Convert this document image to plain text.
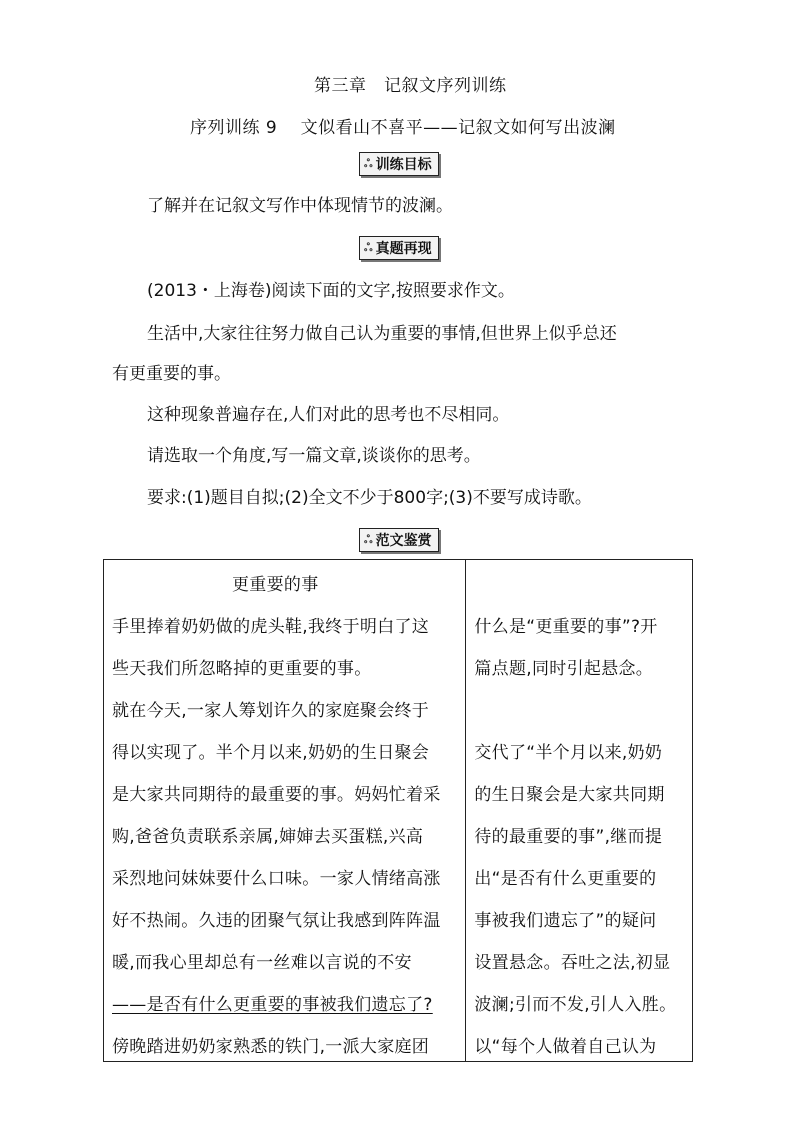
第三章　记叙文序列训练
序列训练 9　 文似看山不喜平——记叙文如何写出波澜
ஃ 训练目标
了解并在记叙文写作中体现情节的波澜。
ஃ 真题再现
(2013・上海卷)阅读下面的文字,按照要求作文。
生活中,大家往往努力做自己认为重要的事情,但世界上似乎总还
有更重要的事。
这种现象普遍存在,人们对此的思考也不尽相同。
请选取一个角度,写一篇文章,谈谈你的思考。
要求:(1)题目自拟;(2)全文不少于800字;(3)不要写成诗歌。
ஃ 范文鉴赏
更重要的事
手里捧着奶奶做的虎头鞋,我终于明白了这
些天我们所忽略掉的更重要的事。
就在今天,一家人筹划许久的家庭聚会终于
得以实现了。半个月以来,奶奶的生日聚会
是大家共同期待的最重要的事。妈妈忙着采
购,爸爸负责联系亲属,婶婶去买蛋糕,兴高
采烈地问妹妹要什么口味。一家人情绪高涨
好不热闹。久违的团聚气氛让我感到阵阵温
暖,而我心里却总有一丝难以言说的不安
——是否有什么更重要的事被我们遗忘了?
傍晚踏进奶奶家熟悉的铁门,一派大家庭团

什么是“更重要的事”?开
篇点题,同时引起悬念。
交代了“半个月以来,奶奶
的生日聚会是大家共同期
待的最重要的事”,继而提
出“是否有什么更重要的
事被我们遗忘了”的疑问
设置悬念。吞吐之法,初显
波澜;引而不发,引人入胜。
以“每个人做着自己认为
